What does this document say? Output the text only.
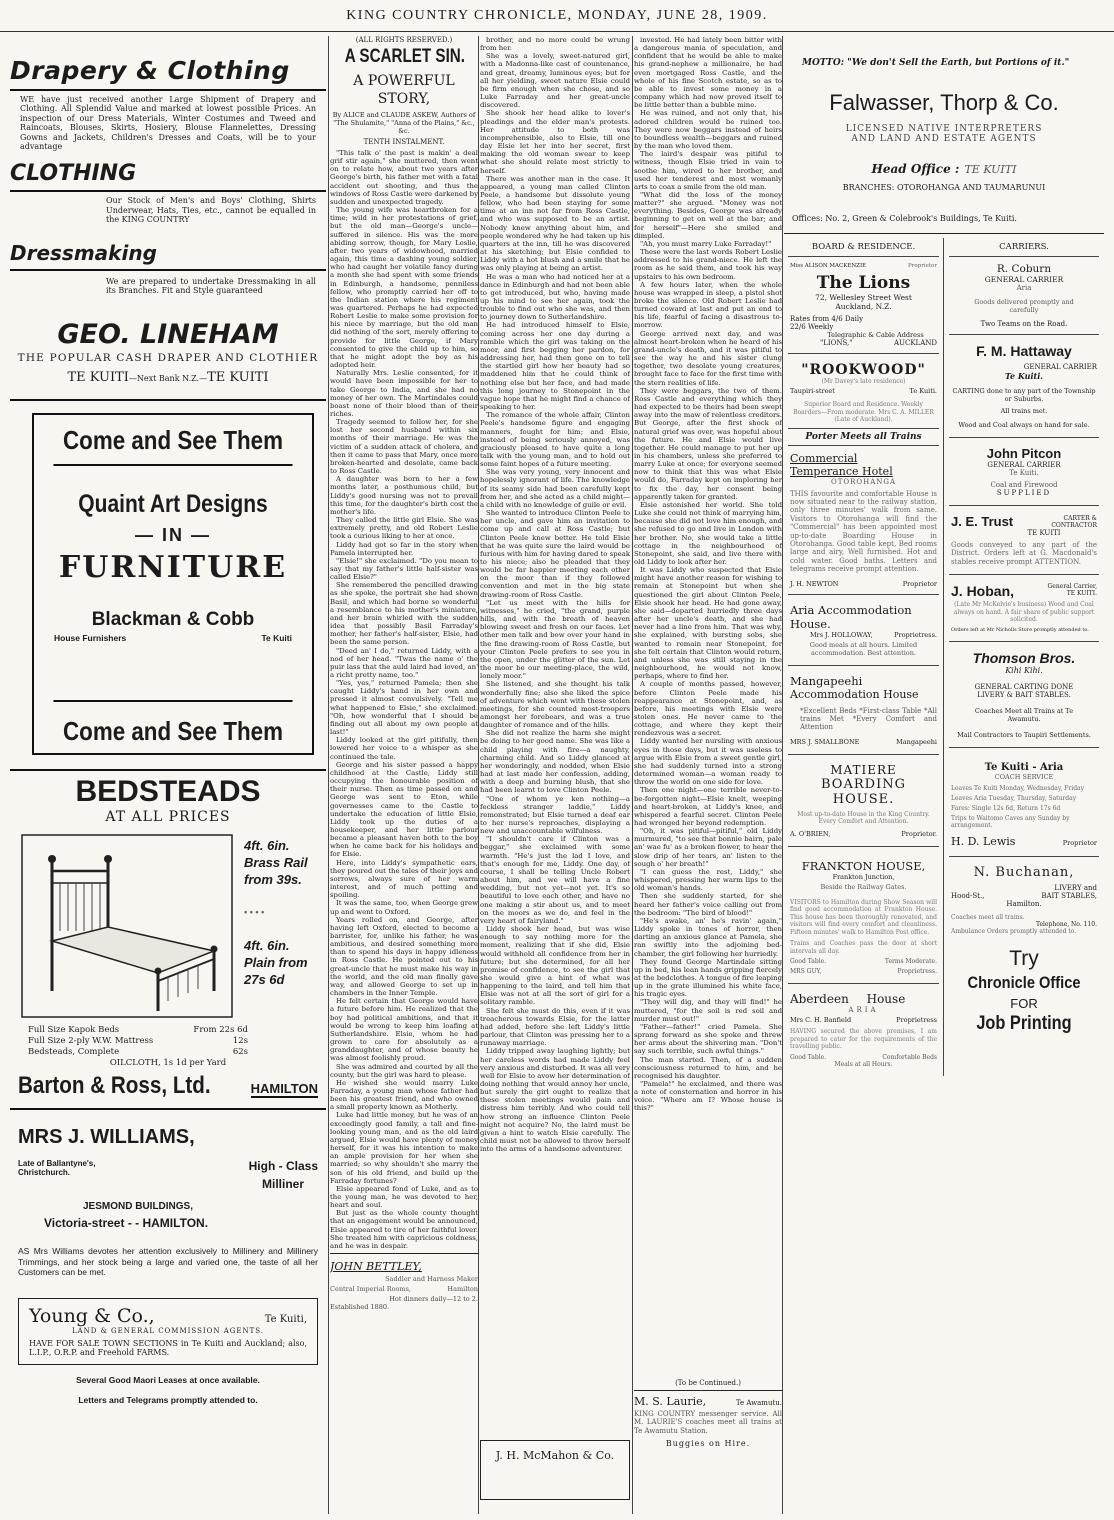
KING COUNTRY CHRONICLE, MONDAY, JUNE 28, 1909.
Drapery & Clothing
WE have just received another Large Shipment of Drapery and Clothing. All Splendid Value and marked at lowest possible Prices. An inspection of our Dress Materials, Winter Costumes and Tweed and Raincoats, Blouses, Skirts, Hosiery, Blouse Flannelettes, Dressing Gowns and Jackets, Children's Dresses and Coats, will be to your advantage
CLOTHING
Our Stock of Men's and Boys' Clothing, Shirts Underwear, Hats, Ties, etc., cannot be equalled in the KING COUNTRY
Dressmaking
We are prepared to undertake Dressmaking in all its Branches. Fit and Style guaranteed
GEO. LINEHAM
THE POPULAR CASH DRAPER AND CLOTHIER
TE KUITI—Next Bank N.Z.—TE KUITI
Come and See Them
Quaint Art Designs
— IN —
FURNITURE
Blackman & Cobb
House Furnishers	Te Kuiti
Come and See Them
BEDSTEADS
AT ALL PRICES
4ft. 6in.
Brass Rail
from 39s.
• • • •
4ft. 6in.
Plain from
27s 6d
Full Size Kapok Beds	From 22s 6d
Full Size 2-ply W.W. Mattress	12s
Bedsteads, Complete	62s
OILCLOTH, 1s 1d per Yard
Barton & Ross, Ltd.	HAMILTON
MRS J. WILLIAMS,
Late of Ballantyne's, Christchurch.	High - Class
Milliner
JESMOND BUILDINGS,
Victoria-street - - HAMILTON.
AS Mrs Williams devotes her attention exclusively to Millinery and Millinery Trimmings, and her stock being a large and varied one, the taste of all her Customers can be met.
Young & Co.,	Te Kuiti,
LAND & GENERAL COMMISSION AGENTS.
HAVE FOR SALE TOWN SECTIONS in Te Kuiti and Auckland; also, L.I.P., O.R.P. and Freehold FARMS.
Several Good Maori Leases at once available.
Letters and Telegrams promptly attended to.
(ALL RIGHTS RESERVED.)
A SCARLET SIN.
A POWERFUL STORY,
By ALICE and CLAUDE ASKEW, Authors of "The Shulamite," "Anna of the Plains," &c., &c.
TENTH INSTALMENT.

"This talk o' the past is makin' a deal grif stir again," she muttered, then went on to relate how, about two years after George's birth, his father met with a fatal accident out shooting, and thus the windows of Ross Castle were darkened by sudden and unexpected tragedy.

The young wife was heartbroken for a time; wild in her protestations of grief, but the old man—George's uncle—suffered in silence. His was the more abiding sorrow, though, for Mary Leslie, after two years of widowhood, married again, this time a dashing young soldier, who had caught her volatile fancy during a month she had spent with some friends in Edinburgh, a handsome, penniless fellow, who promptly carried her off to the Indian station where his regiment was quartered. Perhaps he had expected Robert Leslie to make some provision for his niece by marriage, but the old man did nothing of the sort, merely offering to provide for little George, if Mary consented to give the child up to him, so that he might adopt the boy as his adopted heir.

Naturally Mrs. Leslie consented, for it would have been impossible for her to take George to India, and she had no money of her own. The Martindales could boast none of their blood than of their riches.

Tragedy seemed to follow her, for she lost her second husband within six months of their marriage. He was the victim of a sudden attack of cholera, and then it came to pass that Mary, once more broken-hearted and desolate, came back to Ross Castle.

A daughter was born to her a few months later, a posthumous child, but Liddy's good nursing was not to prevail this time, for the daughter's birth cost the mother's life.

They called the little girl Elsie. She was extremely pretty, and old Robert Leslie took a curious liking to her at once.

Liddy had got so far in the story when Pamela interrupted her.

"Elsie!" she exclaimed. "Do you mean to say that my father's little half-sister was called Elsie?"

She remembered the pencilled drawing as she spoke, the portrait she had shown Basil, and which had borne so wonderful a resemblance to his mother's miniature, and her brain whirled with the sudden idea that possibly Basil Farraday's mother, her father's half-sister, Elsie, had been the same person.

"Deed an' I do," returned Liddy, with a nod of her head. "Twas the name o' the puir lass that the auld laird had loved, an' a richt pretty name, too."

"Yes, yes," returned Pamela; then she caught Liddy's hand in her own and pressed it almost convulsively. "Tell me what happened to Elsie," she exclaimed. "Oh, how wonderful that I should be finding out all about my own people at last!"

Liddy looked at the girl pitifully, then lowered her voice to a whisper as she continued the tale.

George and his sister passed a happy childhood at the Castle, Liddy still occupying the honourable position of their nurse. Then as time passed on and George was sent to Eton, while governesses came to the Castle to undertake the education of little Elsie, Liddy took up the duties of a housekeeper, and her little parlour became a pleasant haven both to the boy when he came back for his holidays and for Elsie.

Here, into Liddy's sympathetic ears, they poured out the tales of their joys and sorrows, always sure of her warm interest, and of much petting and spoiling.

It was the same, too, when George grew up and went to Oxford.

Years rolled on, and George, after having left Oxford, elected to become a barrister, for, unlike his father, he was ambitious, and desired something more than to spend his days in happy idleness in Ross Castle. He pointed out to his great-uncle that he must make his way in the world, and the old man finally gave way, and allowed George to set up in chambers in the Inner Temple.

He felt certain that George would have a future before him. He realized that the boy had political ambitions, and that it would be wrong to keep him loafing at Sutherlandshire. Elsie, whom he had grown to care for absolutely as a granddaughter, and of whose beauty he was almost foolishly proud.

She was admired and courted by all the county, but the girl was hard to please.

He wished she would marry Luke Farraday, a young man whose father had been his greatest friend, and who owned a small property known as Motherly.

Luke had little money, but he was of an exceedingly good family, a tall and fine-looking young man, and as the old laird argued, Elsie would have plenty of money herself, for it was his intention to make an ample provision for her when she married; so why shouldn't she marry the son of his old friend, and build up the Farraday fortunes?

Elsie appeared fond of Luke, and as to the young man, he was devoted to her, heart and soul.

But just as the whole county thought that an engagement would be announced, Elsie appeared to tire of her faithful lover. She treated him with capricious coldness, and he was in despair.

JOHN BETTLEY,
Saddler and Harness Maker
Central Imperial Rooms,	Hamilton
Hot dinners daily—12 to 2.
Established 1880.

brother, and no more could be wrung from her.

She was a lovely, sweet-natured girl, with a Madonna-like cast of countenance, and great, dreamy, luminous eyes; but for all her yielding, sweet nature Elsie could be firm enough when she chose, and so Luke Farraday and her great-uncle discovered.

She shook her head alike to lover's pleadings and the elder man's protests. Her attitude to both was incomprehensible, also to Elsie, till one day Elsie let her into her secret, first making the old woman swear to keep what she should relate most strictly to herself.

There was another man in the case. It appeared, a young man called Clinton Peele, a handsome but dissolute young fellow, who had been staying for some time at an inn not far from Ross Castle, and who was supposed to be an artist. Nobody knew anything about him, and people wondered why he had taken up his quarters at the inn, till he was discovered at his sketching; but Elsie confided to Liddy with a hot blush and a smile that he was only playing at being an artist.

He was a man who had noticed her at a dance in Edinburgh and had not been able to get introduced, but who, having made up his mind to see her again, took the trouble to find out who she was, and then to journey down to Sutherlandshire.

He had introduced himself to Elsie, coming across her one day during a ramble which the girl was taking on the moor, and first begging her pardon, for addressing her, had then gone on to tell the startled girl how her beauty had so maddened him that he could think of nothing else but her face, and had made this long journey to Stonepoint in the vague hope that he might find a chance of speaking to her.

The romance of the whole affair, Clinton Peele's handsome figure and engaging manners, fought for him; and Elsie, instead of being seriously annoyed, was graciously pleased to have quite a long talk with the young man, and to hold out some faint hopes of a future meeting.

She was very young, very innocent and hopelessly ignorant of life. The knowledge of its seamy side had been carefully kept from her, and she acted as a child might—a child with no knowledge of guile or evil.

She wanted to introduce Clinton Peele to her uncle, and gave him an invitation to come up and call at Ross Castle; but Clinton Peele knew better. He told Elsie that he was quite sure the laird would be furious with him for having dared to speak to his niece; also he pleaded that they would be far happier meeting each other on the moor than if they followed convention and met in the big state drawing-room of Ross Castle.

"Let us meet with the hills for witnesses," he cried, "the grand, purple hills, and with the breath of heaven blowing sweet and fresh on our faces. Let other men talk and bow over your hand in the fine drawing-room of Ross Castle, but your Clinton Peele prefers to see you in the open, under the glitter of the sun. Let the moor be our meeting-place, the wild, lonely moor."

She listened, and she thought his talk wonderfully fine; also she liked the spice of adventure which went with these stolen meetings, for she counted most-troopers amongst her forebears, and was a true daughter of romance and of the hills.

She did not realize the harm she might be doing to her good name. She was like a child playing with fire—a naughty, charming child. And so Liddy glanced at her wonderingly, and nodded, when Elsie had at last made her confession, adding, with a deep and burning blush, that she had been learnt to love Clinton Peele.

"One of whom ye ken nothing—a feckless stranger laddie," Liddy remonstrated; but Elsie turned a deaf ear to her nurse's reproaches, displaying a new and unaccountable wilfulness.

"I shouldn't care if Clinton was a beggar," she exclaimed with some warmth. "He's just the lad I love, and that's enough for me, Liddy. One day, of course, I shall be telling Uncle Robert about him, and we will have a fine wedding, but not yet—not yet. It's so beautiful to love each other, and have no one making a stir about us, and to meet on the moors as we do, and feel in the very heart of fairyland."

Liddy shook her head, but was wise enough to say nothing more for the moment, realizing that if she did, Elsie would withhold all confidence from her in future; but she determined, for all her promise of confidence, to see the girl that she would give a hint of what was happening to the laird, and tell him that Elsie was not at all the sort of girl for a solitary ramble.

She felt she must do this, even if it was treacherous towards Elsie, for the latter had added, before she left Liddy's little parlour, that Clinton was pressing her to a runaway marriage.

Liddy tripped away laughing lightly; but her careless words had made Liddy feel very anxious and disturbed. It was all very well for Elsie to avow her determination of doing nothing that would annoy her uncle, but surely the girl ought to realize that these stolen meetings would pain and distress him terribly. And who could tell how strong an influence Clinton Peele might not acquire? No, the laird must be given a hint to watch Elsie carefully. The child must not be allowed to throw herself into the arms of a handsome adventurer.

J. H. McMahon & Co.

invested. He had lately been bitter with a dangerous mania of speculation, and confident that he would be able to make his grand-nephew a millionaire, he had even mortgaged Ross Castle, and the whole of his fine Scotch estate, so as to be able to invest some money in a company which had now proved itself to be little better than a bubble mine.

He was ruined, and not only that, his adored children would be ruined too. They were now beggars instead of heirs to boundless wealth—beggars and ruined by the man who loved them.

The laird's despair was pitiful to witness, though Elsie tried in vain to soothe him, wired to her brother, and used her tenderest and most womanly arts to coax a smile from the old man.

"What did the loss of the money matter?" she argued. "Money was not everything. Besides, George was already beginning to get on well at the bar; and for herself"—Here she smiled and dimpled.

"Ah, you must marry Luke Farraday!"

These were the last words Robert Leslie addressed to his grand-niece. He left the room as he said them, and took his way upstairs to his own bedroom.

A few hours later, when the whole house was wrapped in sleep, a pistol shot broke the silence. Old Robert Leslie had turned coward at last and put an end to his life, fearful of facing a disastrous to-morrow.

George arrived next day, and was almost heart-broken when he heard of his grand-uncle's death, and it was pitiful to see the way he and his sister clung together, two desolate young creatures, brought face to face for the first time with the stern realities of life.

They were beggars, the two of them. Ross Castle and everything which they had expected to be theirs had been swept away into the maw of relentless creditors. But George, after the first shock of natural grief was over, was hopeful about the future. He and Elsie would live together. He could manage to put her up in his chambers, unless she preferred to marry Luke at once; for everyone seemed now to think that this was what Elsie would do, Farraday kept on imploring her to fix the day, her consent being apparently taken for granted.

Elsie astonished her world. She told Luke she could not think of marrying him, because she did not love him enough, and she refused to go and live in London with her brother. No, she would take a little cottage in the neighbourhood of Stonepoint, she said, and live there with old Liddy to look after her.

It was Liddy who suspected that Elsie might have another reason for wishing to remain at Stonepoint but when she questioned the girl about Clinton Peele, Elsie shook her head. He had gone away, she said—departed hurriedly three days after her uncle's death, and she had never had a line from him. That was why, she explained, with bursting sobs, she wanted to remain near Stonepoint, for she felt certain that Clinton would return, and unless she was still staying in the neighbourhood, he would not know, perhaps, where to find her.

A couple of months passed, however, before Clinton Peele made his reappearance at Stonepoint, and, as before, his meetings with Elsie were stolen ones. He never came to the cottage, and where they kept their rendezvous was a secret.

Liddy wanted her nursling with anxious eyes in those days, but it was useless to argue with Elsie from a sweet gentle girl, she had suddenly turned into a strong determined woman—a woman ready to throw the world on one side for love.

Then one night—one terrible never-to-be-forgotten night—Elsie knelt, weeping and heart-broken, at Liddy's knee, and whispered a fearful secret. Clinton Peele had wronged her beyond redemption.

"Oh, it was pitiful—pitiful," old Liddy murmured, "to see that bonnie bairn, pale an' wae fu' as a broken flower, to hear the slow drip of her tears, an' listen to the sough o' her breath!"

"I can guess the rest, Liddy," she whispered, pressing her warm lips to the old woman's hands.

Then she suddenly started, for she heard her father's voice calling out from the bedroom: "The bird of blood!"

"He's awake, an' he's ravin' again," Liddy spoke in tones of horror, then darting an anxious glance at Pamela, she ran swiftly into the adjoining bed-chamber, the girl following her hurriedly.

They found George Martindale sitting up in bed, his lean hands gripping fiercely at the bedclothes. A tongue of fire leaping up in the grate illumined his white face, his tragic eyes.

"They will dig, and they will find!" he muttered, "for the soil is red soil and murder must out!"

"Father—father!" cried Pamela. She sprang forward as she spoke and threw her arms about the shivering man. "Don't say such terrible, such awful things."

The man started. Then, of a sudden consciousness returned to him, and he recognised his daughter.

"Pamela!" he exclaimed, and there was a note of consternation and horror in his voice. "Where am I? Whose house is this?"

(To be Continued.)
M. S. Laurie,	Te Awamutu.
KING COUNTRY messenger service. All M. LAURIE'S coaches meet all trains at Te Awamutu Station.
Buggies on Hire.
MOTTO: "We don't Sell the Earth, but Portions of it."
Falwasser, Thorp & Co.
LICENSED NATIVE INTERPRETERS
AND LAND AND ESTATE AGENTS
Head Office : TE KUITI
BRANCHES: OTOROHANGA AND TAUMARUNUI
Offices: No. 2, Green & Colebrook's Buildings, Te Kuiti.
BOARD & RESIDENCE.
Miss ALISON MACKENZIE	Proprietor
The Lions
72, Wellesley Street West
Auckland, N.Z.
Rates from 4/6 Daily
22/6 Weekly
Telegraphic & Cable Address
"LIONS,"	AUCKLAND
"ROOKWOOD"
(Mr Davey's late residence)
Taupiri-street	Te Kuiti.
Superior Board and Residence. Weekly Boarders—From moderate. Mrs C. A. MILLER (Late of Auckland).
Porter Meets all Trains
Commercial
Temperance Hotel
OTOROHANGA
THIS favourite and comfortable House is now situated near to the railway station, only three minutes' walk from same. Visitors to Otorohanga will find the "Commercial" has been appointed most up-to-date Boarding House in Otorohanga. Good table kept, Bed rooms large and airy, Well furnished. Hot and cold water. Good baths. Letters and telegrams receive prompt attention.
J. H. NEWTON	Proprietor
Aria Accommodation
House.
Mrs J. HOLLOWAY,	Proprietress.
Good meals at all hours. Limited accommodation. Best attention.
Mangapeehi
Accommodation House
*Excellent Beds *First-class Table *All trains Met *Every Comfort and Attention
MRS J. SMALLBONE	Mangapeehi
MATIERE
BOARDING HOUSE.
Most up-to-date House in the King Country. Every Comfort and Attention.
A. O'BRIEN,	Proprietor.
FRANKTON HOUSE,
Frankton Junction,
Beside the Railway Gates.
VISITORS to Hamilton during Show Season will find good accommodation at Frankton House. This house has been thoroughly renovated, and visitors will find every comfort and cleanliness. Fifteen minutes' walk to Hamilton Post office.
Trains and Coaches pass the door at short intervals all day.
Good Table.	Terms Moderate.
MRS GUY,	Proprietress.
Aberdeen House
ARIA
Mrs C. H. Banfield	Proprietress
HAVING secured the above premises, I am prepared to cater for the requirements of the travelling public.
Good Table.	Comfortable Beds
Meals at all Hours.
CARRIERS.
R. Coburn
GENERAL CARRIER
Aria
Goods delivered promptly and carefully
Two Teams on the Road.
F. M. Hattaway
GENERAL CARRIER
Te Kuiti.
CARTING done to any part of the Township or Suburbs.
All trains met.
Wood and Coal always on hand for sale.
John Pitcon
GENERAL CARRIER
Te Kuiti.
Coal and Firewood
SUPPLIED
J. E. Trust	CARTER &
CONTRACTOR
TE KUITI
Goods conveyed to any part of the District. Orders left at G. Macdonald's stables receive prompt ATTENTION.
J. Hoban,	General Carrier,
TE KUITI.
(Late Mr McKelvie's business) Wood and Coal always on hand. A fair share of public support solicited.
Orders left at Mr Nicholls Store promptly attended to.
Thomson Bros.
Kihi Kihi.
GENERAL CARTING DONE
LIVERY & BAIT STABLES.
Coaches Meet all Trains at Te Awamutu.
Mail Contractors to Taupiri Settlements.
Te Kuiti - Aria
COACH SERVICE
Leaves Te Kuiti Monday, Wednesday, Friday
Leaves Aria Tuesday, Thursday, Saturday
Fares: Single 12s 6d, Return 17s 6d
Trips to Waitomo Caves any Sunday by arrangement.
H. D. Lewis	Proprietor
N. Buchanan,
LIVERY and
Hood-St.,	BAIT STABLES,
Hamilton.
Coaches meet all trains.
Telephone, No. 110.
Ambulance Orders promptly attended to.
Try
Chronicle Office
FOR
Job Printing
